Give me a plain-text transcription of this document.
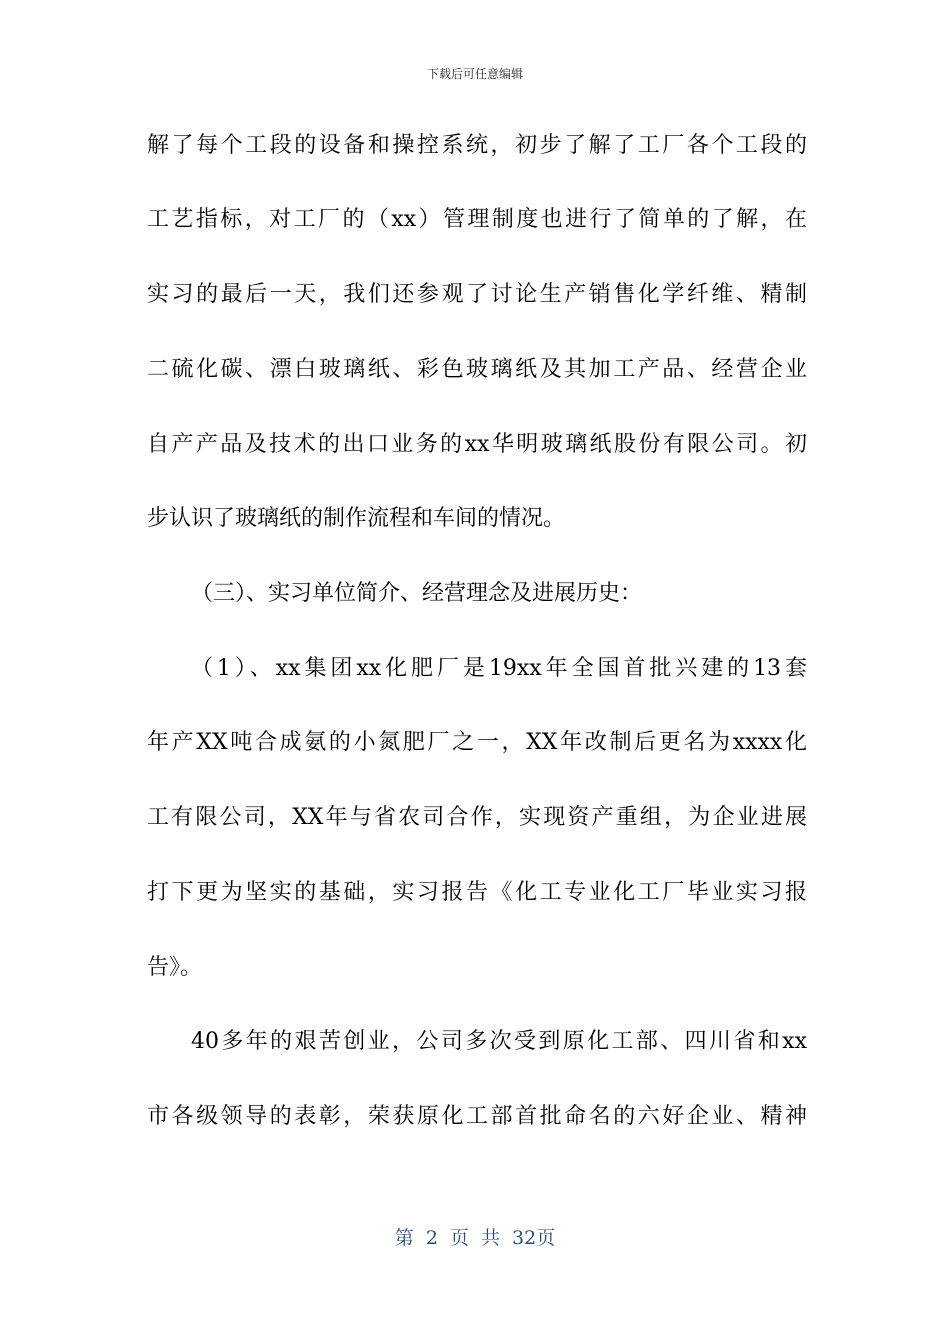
下载后可任意编辑
解了每个工段的设备和操控系统，初步了解了工厂各个工段的
工艺指标，对工厂的（xx）管理制度也进行了简单的了解，在
实习的最后一天，我们还参观了讨论生产销售化学纤维、精制
二硫化碳、漂白玻璃纸、彩色玻璃纸及其加工产品、经营企业
自产产品及技术的出口业务的xx华明玻璃纸股份有限公司。初
步认识了玻璃纸的制作流程和车间的情况。
（三）、实习单位简介、经营理念及进展历史：
（1）、xx集团xx化肥厂是19xx年全国首批兴建的13套
年产XX吨合成氨的小氮肥厂之一，XX年改制后更名为xxxx化
工有限公司，XX年与省农司合作，实现资产重组，为企业进展
打下更为坚实的基础，实习报告《化工专业化工厂毕业实习报
告》。
40多年的艰苦创业，公司多次受到原化工部、四川省和xx
市各级领导的表彰，荣获原化工部首批命名的六好企业、精神
第 2 页 共 32页
